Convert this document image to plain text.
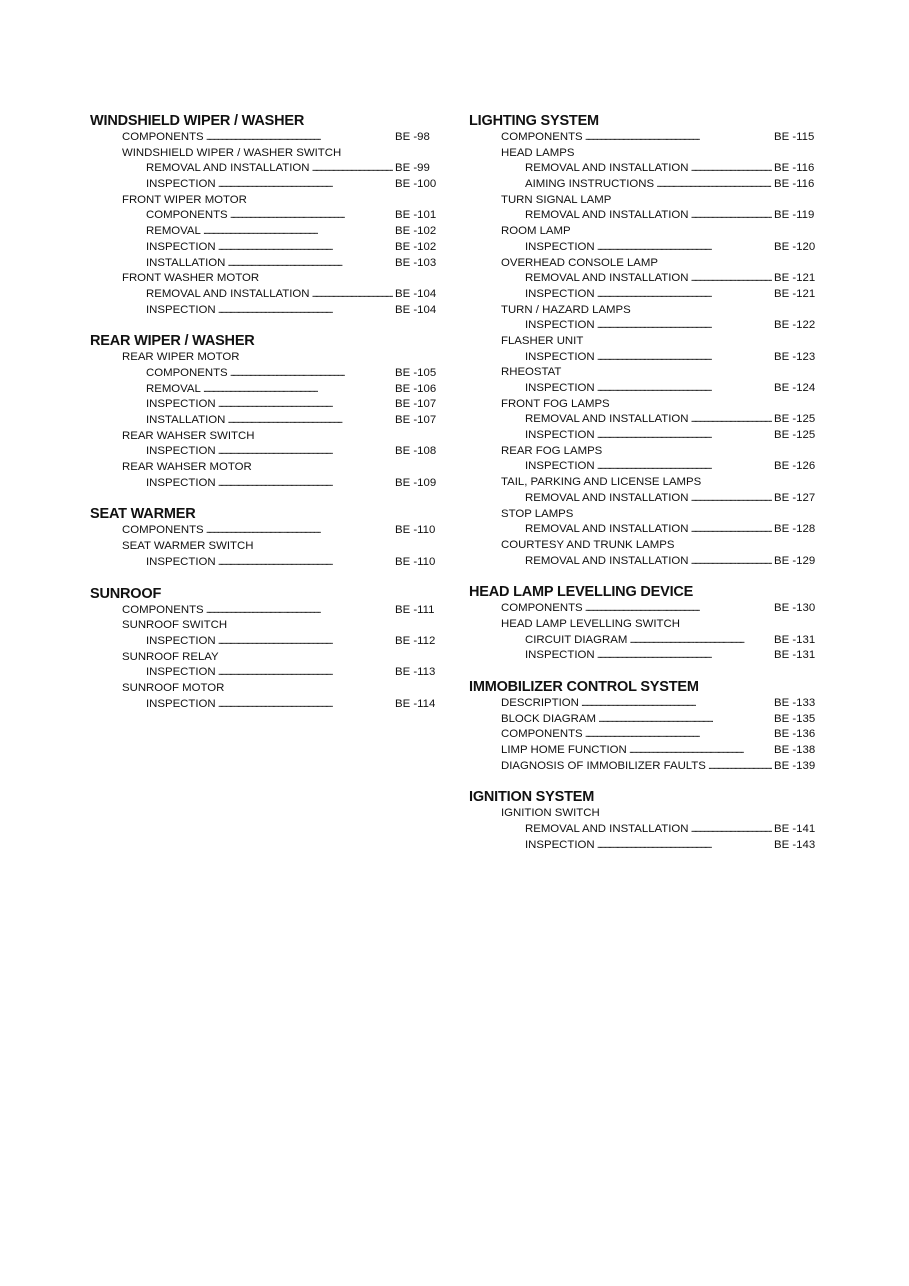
WINDSHIELD WIPER / WASHER
COMPONENTS . . .	BE -98
WINDSHIELD WIPER / WASHER SWITCH
REMOVAL AND INSTALLATION . . .	BE -99
INSPECTION . . .	BE -100
FRONT WIPER MOTOR
COMPONENTS . . .	BE -101
REMOVAL . . .	BE -102
INSPECTION . . .	BE -102
INSTALLATION . . .	BE -103
FRONT WASHER MOTOR
REMOVAL AND INSTALLATION . . .	BE -104
INSPECTION . . .	BE -104
REAR WIPER / WASHER
REAR WIPER MOTOR
COMPONENTS . . .	BE -105
REMOVAL . . .	BE -106
INSPECTION . . .	BE -107
INSTALLATION . . .	BE -107
REAR WAHSER SWITCH
INSPECTION . . .	BE -108
REAR WAHSER MOTOR
INSPECTION . . .	BE -109
SEAT WARMER
COMPONENTS . . .	BE -110
SEAT WARMER SWITCH
INSPECTION . . .	BE -110
SUNROOF
COMPONENTS . . .	BE -111
SUNROOF SWITCH
INSPECTION . . .	BE -112
SUNROOF RELAY
INSPECTION . . .	BE -113
SUNROOF MOTOR
INSPECTION . . .	BE -114
LIGHTING SYSTEM
COMPONENTS . . .	BE -115
HEAD LAMPS
REMOVAL AND INSTALLATION . . .	BE -116
AIMING INSTRUCTIONS . . .	BE -116
TURN SIGNAL LAMP
REMOVAL AND INSTALLATION . . .	BE -119
ROOM LAMP
INSPECTION . . .	BE -120
OVERHEAD CONSOLE LAMP
REMOVAL AND INSTALLATION . . .	BE -121
INSPECTION . . .	BE -121
TURN / HAZARD LAMPS
INSPECTION . . .	BE -122
FLASHER UNIT
INSPECTION . . .	BE -123
RHEOSTAT
INSPECTION . . .	BE -124
FRONT FOG LAMPS
REMOVAL AND INSTALLATION . . .	BE -125
INSPECTION . . .	BE -125
REAR FOG LAMPS
INSPECTION . . .	BE -126
TAIL, PARKING AND LICENSE LAMPS
REMOVAL AND INSTALLATION . . .	BE -127
STOP LAMPS
REMOVAL AND INSTALLATION . . .	BE -128
COURTESY AND TRUNK LAMPS
REMOVAL AND INSTALLATION . . .	BE -129
HEAD LAMP LEVELLING DEVICE
COMPONENTS . . .	BE -130
HEAD LAMP LEVELLING SWITCH
CIRCUIT DIAGRAM . . .	BE -131
INSPECTION . . .	BE -131
IMMOBILIZER CONTROL SYSTEM
DESCRIPTION . . .	BE -133
BLOCK DIAGRAM . . .	BE -135
COMPONENTS . . .	BE -136
LIMP HOME FUNCTION . . .	BE -138
DIAGNOSIS OF IMMOBILIZER FAULTS . . .	BE -139
IGNITION SYSTEM
IGNITION SWITCH
REMOVAL AND INSTALLATION . . .	BE -141
INSPECTION . . .	BE -143
